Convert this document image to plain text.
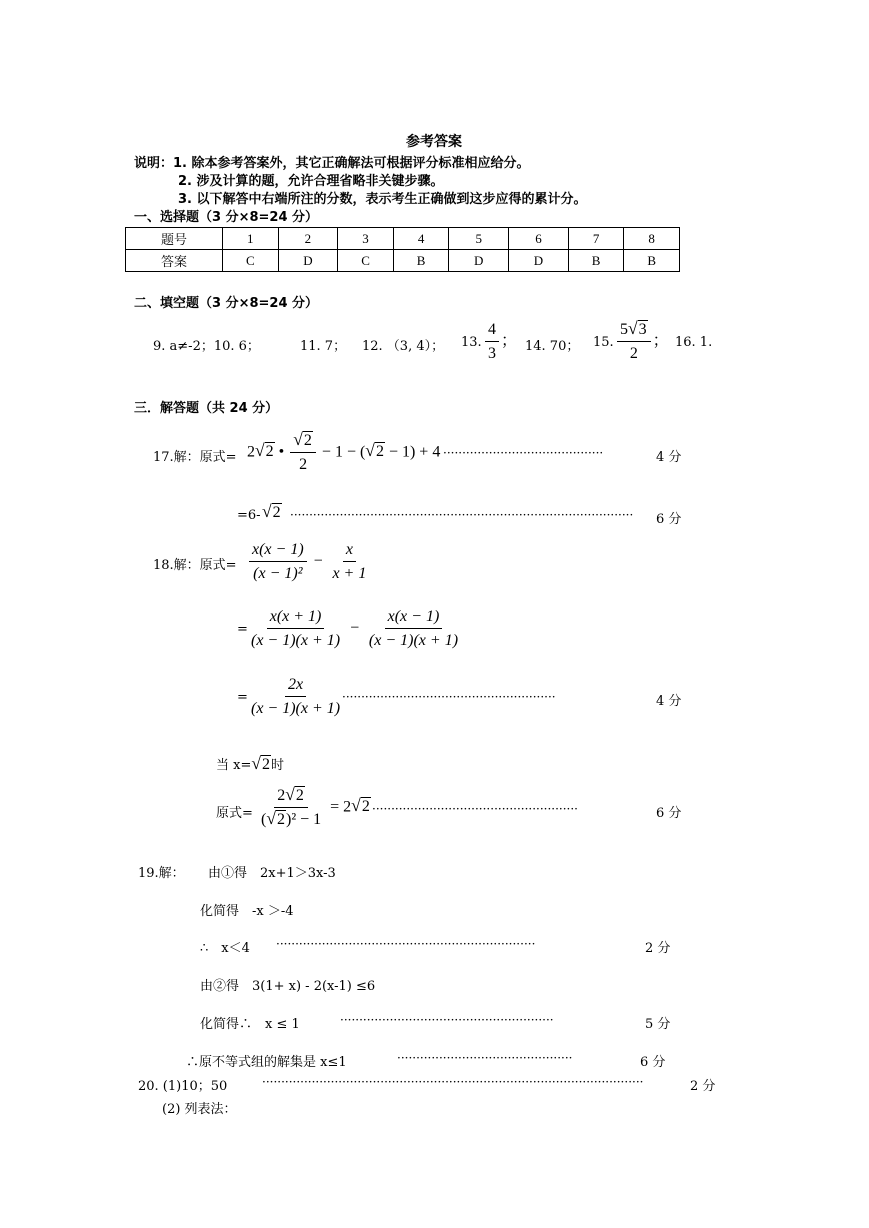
参考答案
说明：1. 除本参考答案外，其它正确解法可根据评分标准相应给分。
2. 涉及计算的题，允许合理省略非关键步骤。
3. 以下解答中右端所注的分数，表示考生正确做到这步应得的累计分。
一、选择题（3 分×8=24 分）
题号	1	2	3	4	5	6	7	8
答案	C	D	C	B	D	D	B	B
二、填空题（3 分×8=24 分）
9. a≠-2；10. 6；	11. 7； 12. （3, 4）； 13. $\frac{4}{3}$ ； 14. 70； 15. $\frac{5 √ 3}{2}$ ； 16. 1.
三．解答题（共 24 分）
17.解：原式= 2 √ 2 • $\frac{√ 2}{2} - 1$ − ( √ 2 − 1) + 4 ··········································	4 分
=6- √ 2 ·························································································· 6 分
18.解：原式= $\frac{x(x - 1)}{\text{(x − 1)²}} - \frac{x}{x + 1}$
= $\frac{x(x + 1)}{(x - 1)(x + 1)} - \frac{x(x - 1)}{(x - 1)(x + 1)}$
= $\frac{2x}{(x - 1)(x + 1)}$
························································	4 分
当 x= √ 2 时
原式= $\frac{2 √ 2}{\text{( √ 2 )² − 1}} = 2$ √ 2 ······················································	6 分
19.解： 由①得　2x+1＞3x-3
化简得　-x ＞-4
∴　x＜4 ····································································	2 分
由②得　3(1+ x) - 2(x-1) ≤6
化简得∴　x ≤ 1	························································	5 分
∴原不等式组的解集是 x≤1	··············································	6 分
20. (1)10；50	····································································································	2 分
(2) 列表法：
